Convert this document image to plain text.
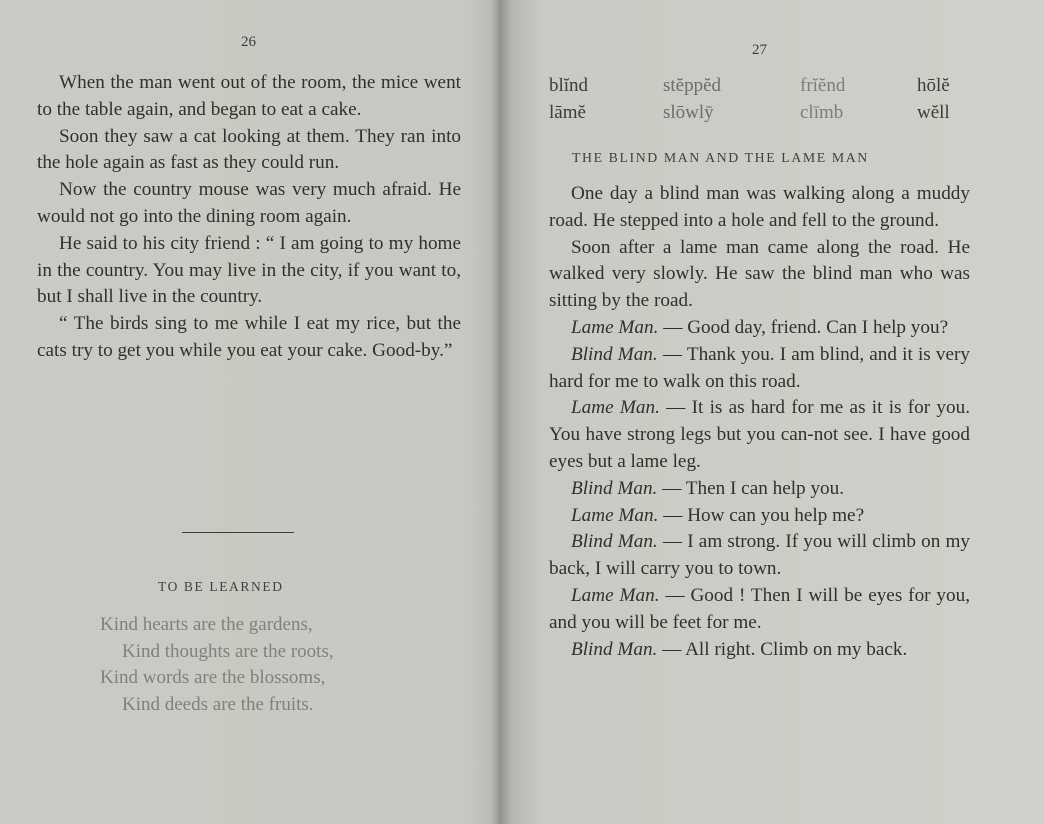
26

When the man went out of the room, the mice went to the table again, and began to eat a cake.

Soon they saw a cat looking at them. They ran into the hole again as fast as they could run.

Now the country mouse was very much afraid. He would not go into the dining room again.

He said to his city friend : “ I am going to my home in the country. You may live in the city, if you want to, but I shall live in the country.

“ The birds sing to me while I eat my rice, but the cats try to get you while you eat your cake. Good-by.”

TO BE LEARNED
Kind hearts are the gardens,
Kind thoughts are the roots,
Kind words are the blossoms,
Kind deeds are the fruits.
27
blĭnd	stĕppĕd	frĭĕnd	hōlĕ
lāmĕ	slōwlȳ	clīmb	wĕll
THE BLIND MAN AND THE LAME MAN

One day a blind man was walking along a muddy road. He stepped into a hole and fell to the ground.

Soon after a lame man came along the road. He walked very slowly. He saw the blind man who was sitting by the road.

Lame Man. — Good day, friend. Can I help you?

Blind Man. — Thank you. I am blind, and it is very hard for me to walk on this road.

Lame Man. — It is as hard for me as it is for you. You have strong legs but you can-not see. I have good eyes but a lame leg.

Blind Man. — Then I can help you.

Lame Man. — How can you help me?

Blind Man. — I am strong. If you will climb on my back, I will carry you to town.

Lame Man. — Good ! Then I will be eyes for you, and you will be feet for me.

Blind Man. — All right. Climb on my back.
